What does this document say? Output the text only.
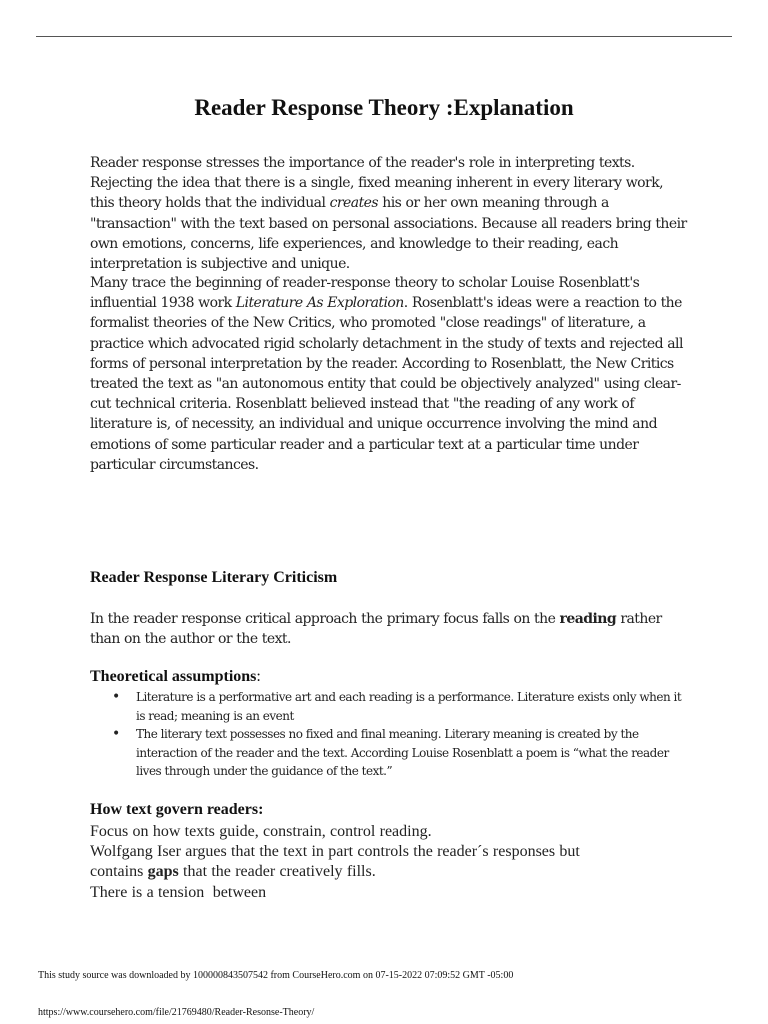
Reader Response Theory :Explanation
Reader response stresses the importance of the reader's role in interpreting texts. Rejecting the idea that there is a single, fixed meaning inherent in every literary work, this theory holds that the individual creates his or her own meaning through a "transaction" with the text based on personal associations. Because all readers bring their own emotions, concerns, life experiences, and knowledge to their reading, each interpretation is subjective and unique.
Many trace the beginning of reader-response theory to scholar Louise Rosenblatt's influential 1938 work Literature As Exploration. Rosenblatt's ideas were a reaction to the formalist theories of the New Critics, who promoted "close readings" of literature, a practice which advocated rigid scholarly detachment in the study of texts and rejected all forms of personal interpretation by the reader. According to Rosenblatt, the New Critics treated the text as "an autonomous entity that could be objectively analyzed" using clear-cut technical criteria. Rosenblatt believed instead that "the reading of any work of literature is, of necessity, an individual and unique occurrence involving the mind and emotions of some particular reader and a particular text at a particular time under particular circumstances.
Reader Response Literary Criticism
In the reader response critical approach the primary focus falls on the reading rather than on the author or the text.
Theoretical assumptions:
• Literature is a performative art and each reading is a performance. Literature exists only when it is read; meaning is an event
• The literary text possesses no fixed and final meaning. Literary meaning is created by the interaction of the reader and the text. According Louise Rosenblatt a poem is “what the reader lives through under the guidance of the text.”
How text govern readers:
Focus on how texts guide, constrain, control reading.
Wolfgang Iser argues that the text in part controls the reader´s responses but
contains gaps that the reader creatively fills.
There is a tension  between
This study source was downloaded by 100000843507542 from CourseHero.com on 07-15-2022 07:09:52 GMT -05:00
https://www.coursehero.com/file/21769480/Reader-Resonse-Theory/
